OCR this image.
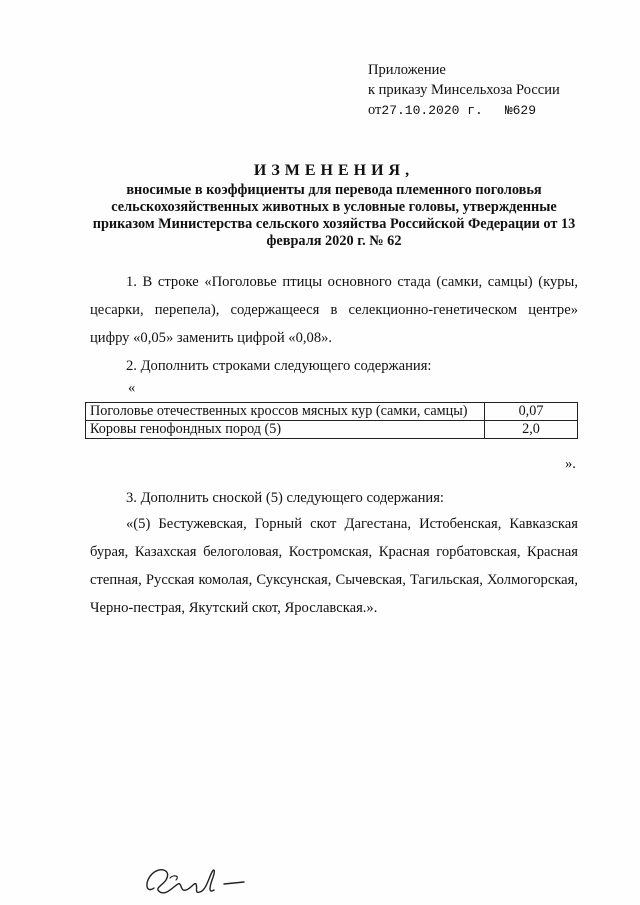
Приложение
к приказу Минсельхоза России
от27.10.2020 г. №629
ИЗМЕНЕНИЯ,
вносимые в коэффициенты для перевода племенного поголовья сельскохозяйственных животных в условные головы, утвержденные приказом Министерства сельского хозяйства Российской Федерации от 13 февраля 2020 г. № 62
1. В строке «Поголовье птицы основного стада (самки, самцы) (куры, цесарки, перепела), содержащееся в селекционно-генетическом центре» цифру «0,05» заменить цифрой «0,08».
2. Дополнить строками следующего содержания:
«
Поголовье отечественных кроссов мясных кур (самки, самцы)	0,07
Коровы генофондных пород (5)	2,0
».
3. Дополнить сноской (5) следующего содержания:
«(5) Бестужевская, Горный скот Дагестана, Истобенская, Кавказская бурая, Казахская белоголовая, Костромская, Красная горбатовская, Красная степная, Русская комолая, Суксунская, Сычевская, Тагильская, Холмогорская, Черно-пестрая, Якутский скот, Ярославская.».
